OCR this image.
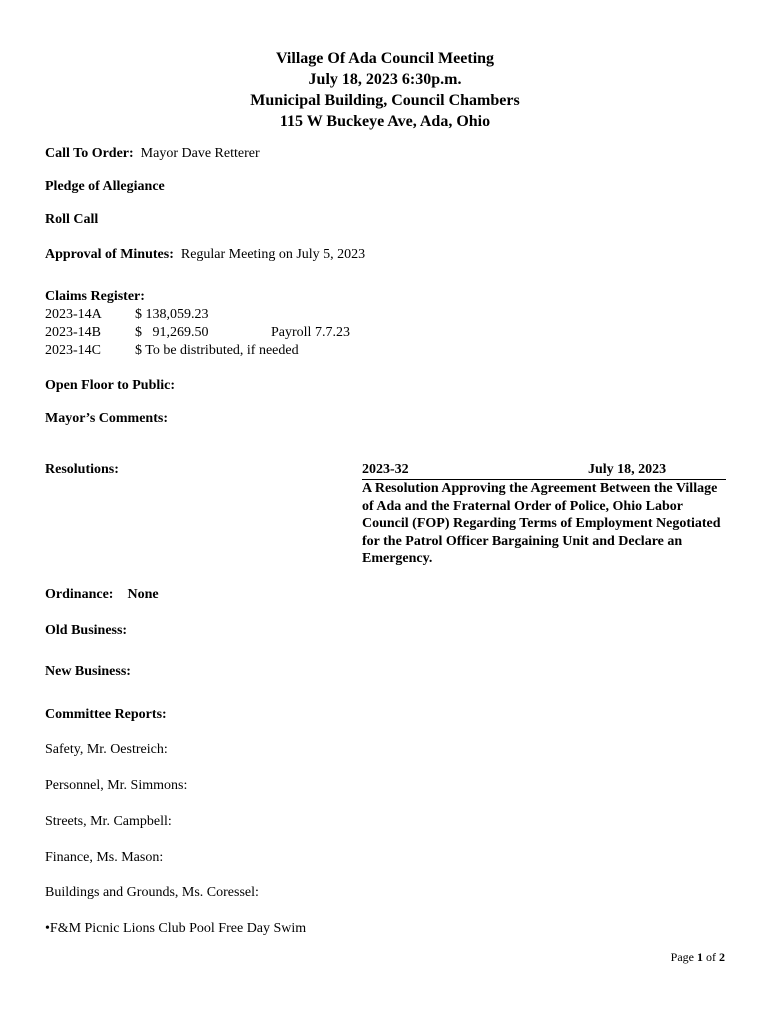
Village Of Ada Council Meeting
July 18, 2023 6:30p.m.
Municipal Building, Council Chambers
115 W Buckeye Ave, Ada, Ohio
Call To Order: Mayor Dave Retterer
Pledge of Allegiance
Roll Call
Approval of Minutes: Regular Meeting on July 5, 2023
Claims Register:
2023-14A $ 138,059.23
2023-14B $   91,269.50	Payroll 7.7.23
2023-14C $ To be distributed, if needed
Open Floor to Public:
Mayor’s Comments:
Resolutions:	2023-32	July 18, 2023
A Resolution Approving the Agreement Between the Village of Ada and the Fraternal Order of Police, Ohio Labor Council (FOP) Regarding Terms of Employment Negotiated for the Patrol Officer Bargaining Unit and Declare an Emergency.
Ordinance: None
Old Business:
New Business:
Committee Reports:
Safety, Mr. Oestreich:
Personnel, Mr. Simmons:
Streets, Mr. Campbell:
Finance, Ms. Mason:
Buildings and Grounds, Ms. Coressel:
•F&M Picnic Lions Club Pool Free Day Swim
Page 1 of 2
